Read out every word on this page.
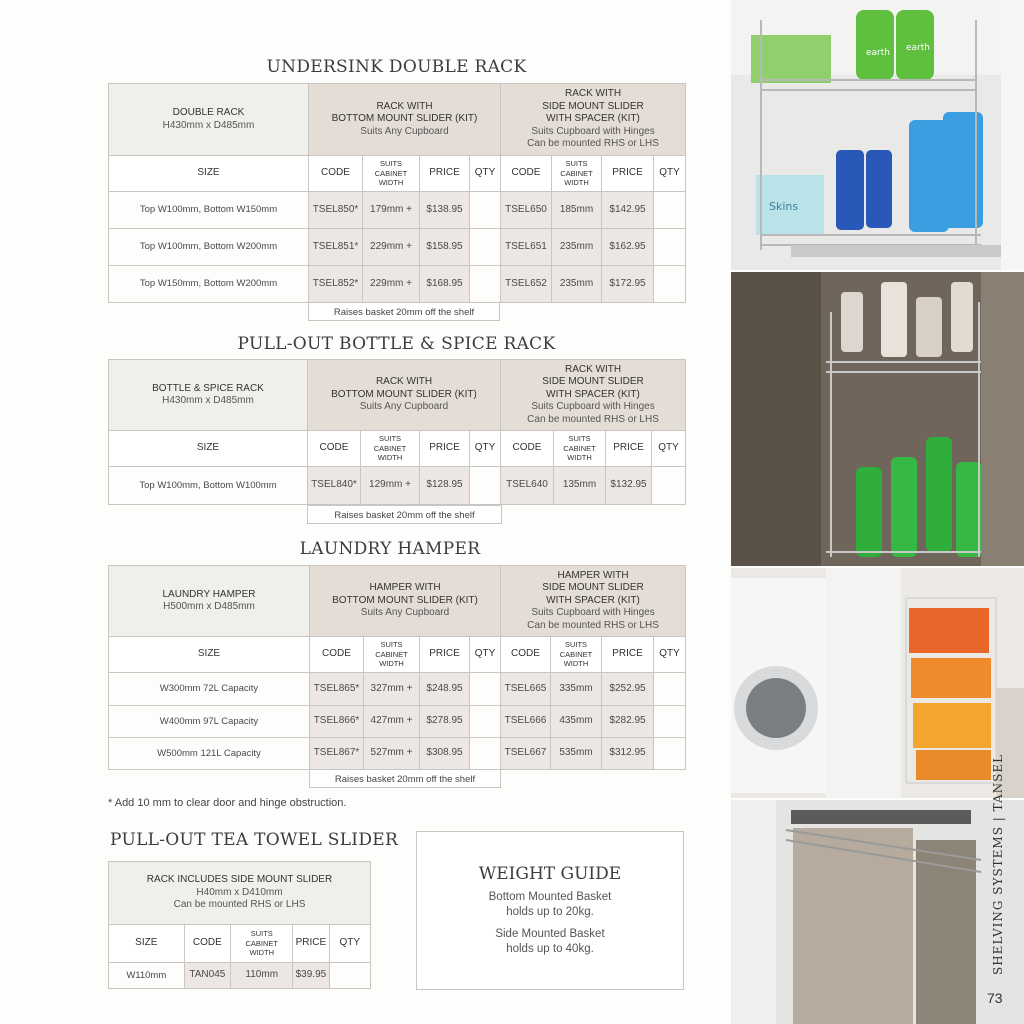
UNDERSINK DOUBLE RACK
DOUBLE RACK
H430mm x D485mm	RACK WITH
BOTTOM MOUNT SLIDER (KIT)
Suits Any Cupboard				RACK WITH
SIDE MOUNT SLIDER
WITH SPACER (KIT)
Suits Cupboard with Hinges
Can be mounted RHS or LHS			

SIZE	CODE	SUITS
CABINET
WIDTH	PRICE	QTY	CODE	SUITS
CABINET
WIDTH	PRICE	QTY
Top W100mm, Bottom W150mm	TSEL850*	179mm +	$138.95		TSEL650	185mm	$142.95	
Top W100mm, Bottom W200mm	TSEL851*	229mm +	$158.95		TSEL651	235mm	$162.95	
Top W150mm, Bottom W200mm	TSEL852*	229mm +	$168.95		TSEL652	235mm	$172.95	
Raises basket 20mm off the shelf
PULL-OUT BOTTLE & SPICE RACK
BOTTLE & SPICE RACK
H430mm x D485mm	RACK WITH
BOTTOM MOUNT SLIDER (KIT)
Suits Any Cupboard				RACK WITH
SIDE MOUNT SLIDER
WITH SPACER (KIT)
Suits Cupboard with Hinges
Can be mounted RHS or LHS			

SIZE	CODE	SUITS
CABINET
WIDTH	PRICE	QTY	CODE	SUITS
CABINET
WIDTH	PRICE	QTY
Top W100mm, Bottom W100mm	TSEL840*	129mm +	$128.95		TSEL640	135mm	$132.95	
Raises basket 20mm off the shelf
LAUNDRY HAMPER
LAUNDRY HAMPER
H500mm x D485mm	HAMPER WITH
BOTTOM MOUNT SLIDER (KIT)
Suits Any Cupboard				HAMPER WITH
SIDE MOUNT SLIDER
WITH SPACER (KIT)
Suits Cupboard with Hinges
Can be mounted RHS or LHS			

SIZE	CODE	SUITS
CABINET
WIDTH	PRICE	QTY	CODE	SUITS
CABINET
WIDTH	PRICE	QTY
W300mm 72L Capacity	TSEL865*	327mm +	$248.95		TSEL665	335mm	$252.95	
W400mm 97L Capacity	TSEL866*	427mm +	$278.95		TSEL666	435mm	$282.95	
W500mm 121L Capacity	TSEL867*	527mm +	$308.95		TSEL667	535mm	$312.95	
Raises basket 20mm off the shelf
* Add 10 mm to clear door and hinge obstruction.
PULL-OUT TEA TOWEL SLIDER
RACK INCLUDES SIDE MOUNT SLIDER
H40mm x D410mm
Can be mounted RHS or LHS				

SIZE	CODE	SUITS
CABINET
WIDTH	PRICE	QTY
W110mm	TAN045	110mm	$39.95	
WEIGHT GUIDE
Bottom Mounted Basket
holds up to 20kg.
Side Mounted Basket
holds up to 40kg.
earth earth
Skins
SHELVING SYSTEMS | TANSEL
73
